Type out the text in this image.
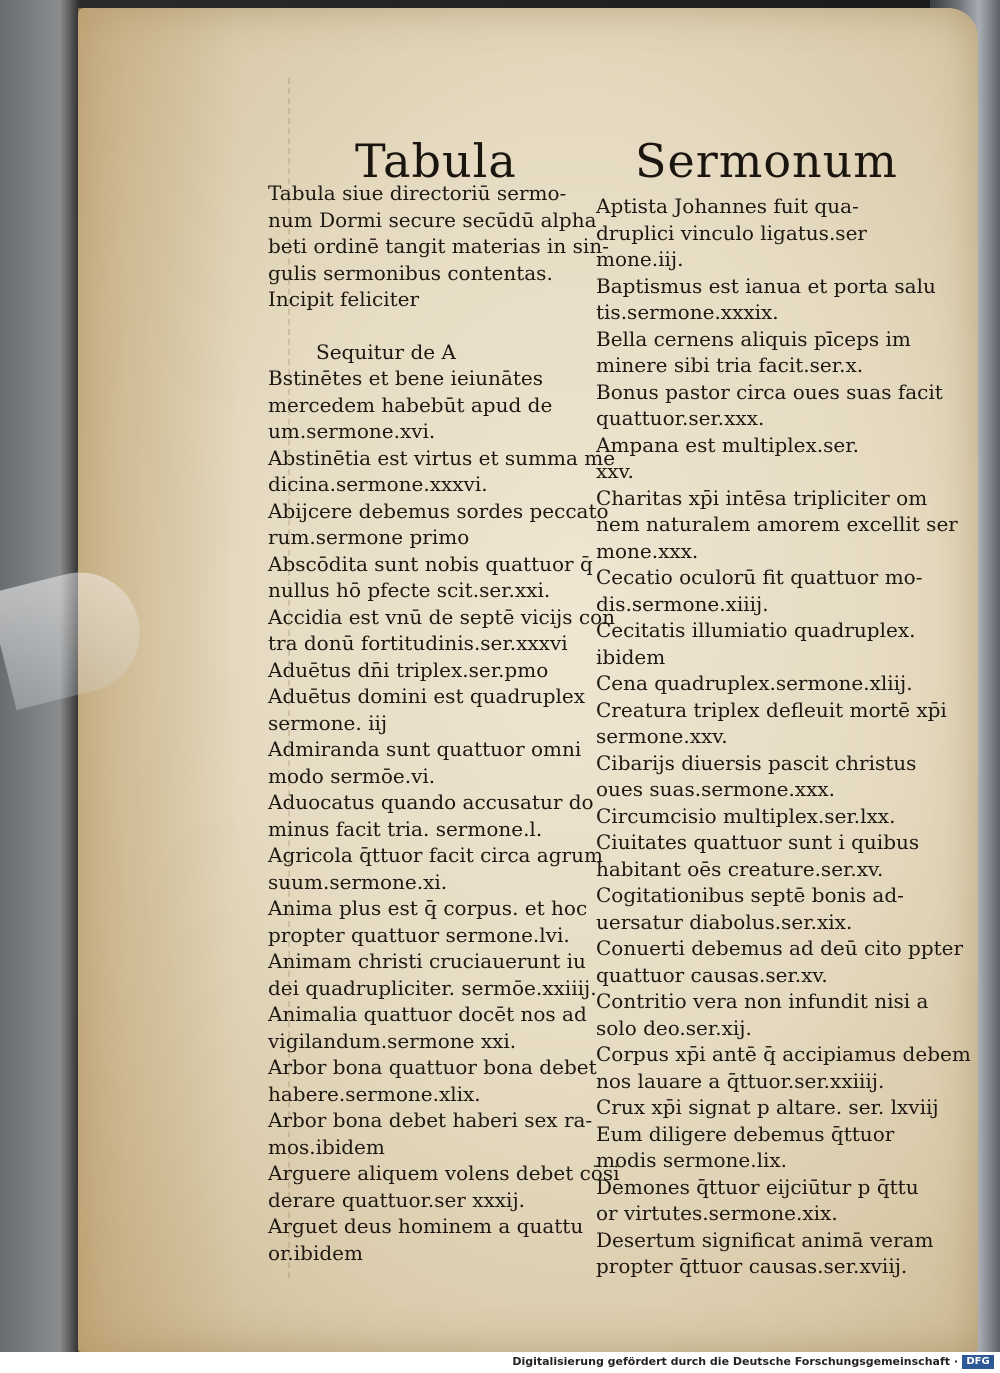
Tabula	Sermonum
Tabula siue directoriū sermo-
num Dormi secure secūdū alpha
beti ordinē tangit materias in sin-
gulis sermonibus contentas.
Incipit feliciter
Sequitur de A
Bstinētes et bene ieiunātes
mercedem habebūt apud de
um.sermone.xvi.
Abstinētia est virtus et summa me
dicina.sermone.xxxvi.
Abijcere debemus sordes peccato
rum.sermone primo
Abscōdita sunt nobis quattuor q̄
nullus hō pfecte scit.ser.xxi.
Accidia est vnū de septē vicijs con
tra donū fortitudinis.ser.xxxvi
Aduētus dn̄i triplex.ser.pmo
Aduētus domini est quadruplex
sermone. iij
Admiranda sunt quattuor omni
modo sermōe.vi.
Aduocatus quando accusatur do
minus facit tria. sermone.l.
Agricola q̄ttuor facit circa agrum
suum.sermone.xi.
Anima plus est q̄ corpus. et hoc
propter quattuor sermone.lvi.
Animam christi cruciauerunt iu
dei quadrupliciter. sermōe.xxiiij.
Animalia quattuor docēt nos ad
vigilandum.sermone xxi.
Arbor bona quattuor bona debet
habere.sermone.xlix.
Arbor bona debet haberi sex ra-
mos.ibidem
Arguere aliquem volens debet cōsi
derare quattuor.ser xxxij.
Arguet deus hominem a quattu
or.ibidem
Aptista Johannes fuit qua-
druplici vinculo ligatus.ser
mone.iij.
Baptismus est ianua et porta salu
tis.sermone.xxxix.
Bella cernens aliquis pīceps im
minere sibi tria facit.ser.x.
Bonus pastor circa oues suas facit
quattuor.ser.xxx.
Ampana est multiplex.ser.
xxv.
Charitas xp̄i intēsa tripliciter om
nem naturalem amorem excellit ser
mone.xxx.
Cecatio oculorū fit quattuor mo-
dis.sermone.xiiij.
Cecitatis illumiatio quadruplex.
ibidem
Cena quadruplex.sermone.xliij.
Creatura triplex defleuit mortē xp̄i
sermone.xxv.
Cibarijs diuersis pascit christus
oues suas.sermone.xxx.
Circumcisio multiplex.ser.lxx.
Ciuitates quattuor sunt i quibus
habitant oēs creature.ser.xv.
Cogitationibus septē bonis ad-
uersatur diabolus.ser.xix.
Conuerti debemus ad deū cito ppter
quattuor causas.ser.xv.
Contritio vera non infundit nisi a
solo deo.ser.xij.
Corpus xp̄i antē q̄ accipiamus debem
nos lauare a q̄ttuor.ser.xxiiij.
Crux xp̄i signat p altare. ser. lxviij
Eum diligere debemus q̄ttuor
modis sermone.lix.
Demones q̄ttuor eijciūtur p q̄ttu
or virtutes.sermone.xix.
Desertum significat animā veram
propter q̄ttuor causas.ser.xviij.
Digitalisierung gefördert durch die Deutsche Forschungsgemeinschaft · DFG
